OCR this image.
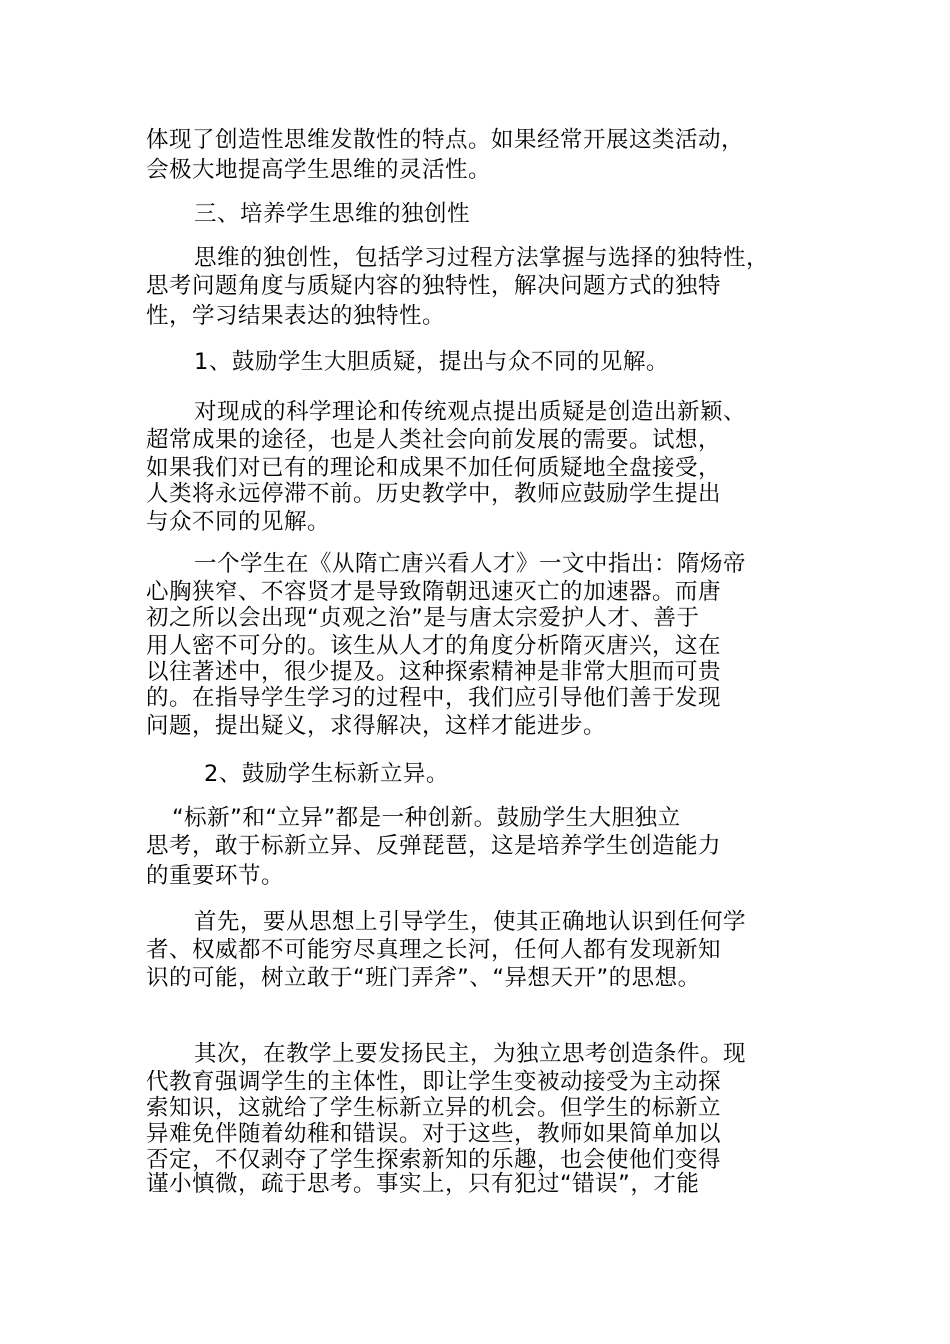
体现了创造性思维发散性的特点。如果经常开展这类活动，
会极大地提高学生思维的灵活性。
三、培养学生思维的独创性
思维的独创性，包括学习过程方法掌握与选择的独特性，
思考问题角度与质疑内容的独特性，解决问题方式的独特
性，学习结果表达的独特性。
1、鼓励学生大胆质疑，提出与众不同的见解。
对现成的科学理论和传统观点提出质疑是创造出新颖、
超常成果的途径，也是人类社会向前发展的需要。试想，
如果我们对已有的理论和成果不加任何质疑地全盘接受，
人类将永远停滞不前。历史教学中，教师应鼓励学生提出
与众不同的见解。
一个学生在《从隋亡唐兴看人才》一文中指出：隋炀帝
心胸狭窄、不容贤才是导致隋朝迅速灭亡的加速器。而唐
初之所以会出现“贞观之治”是与唐太宗爱护人才、善于
用人密不可分的。该生从人才的角度分析隋灭唐兴，这在
以往著述中，很少提及。这种探索精神是非常大胆而可贵
的。在指导学生学习的过程中，我们应引导他们善于发现
问题，提出疑义，求得解决，这样才能进步。
2、鼓励学生标新立异。
“标新”和“立异”都是一种创新。鼓励学生大胆独立
思考，敢于标新立异、反弹琵琶，这是培养学生创造能力
的重要环节。
首先，要从思想上引导学生，使其正确地认识到任何学
者、权威都不可能穷尽真理之长河，任何人都有发现新知
识的可能，树立敢于“班门弄斧”、“异想天开”的思想。
其次，在教学上要发扬民主，为独立思考创造条件。现
代教育强调学生的主体性，即让学生变被动接受为主动探
索知识，这就给了学生标新立异的机会。但学生的标新立
异难免伴随着幼稚和错误。对于这些，教师如果简单加以
否定，不仅剥夺了学生探索新知的乐趣，也会使他们变得
谨小慎微，疏于思考。事实上，只有犯过“错误”，才能
